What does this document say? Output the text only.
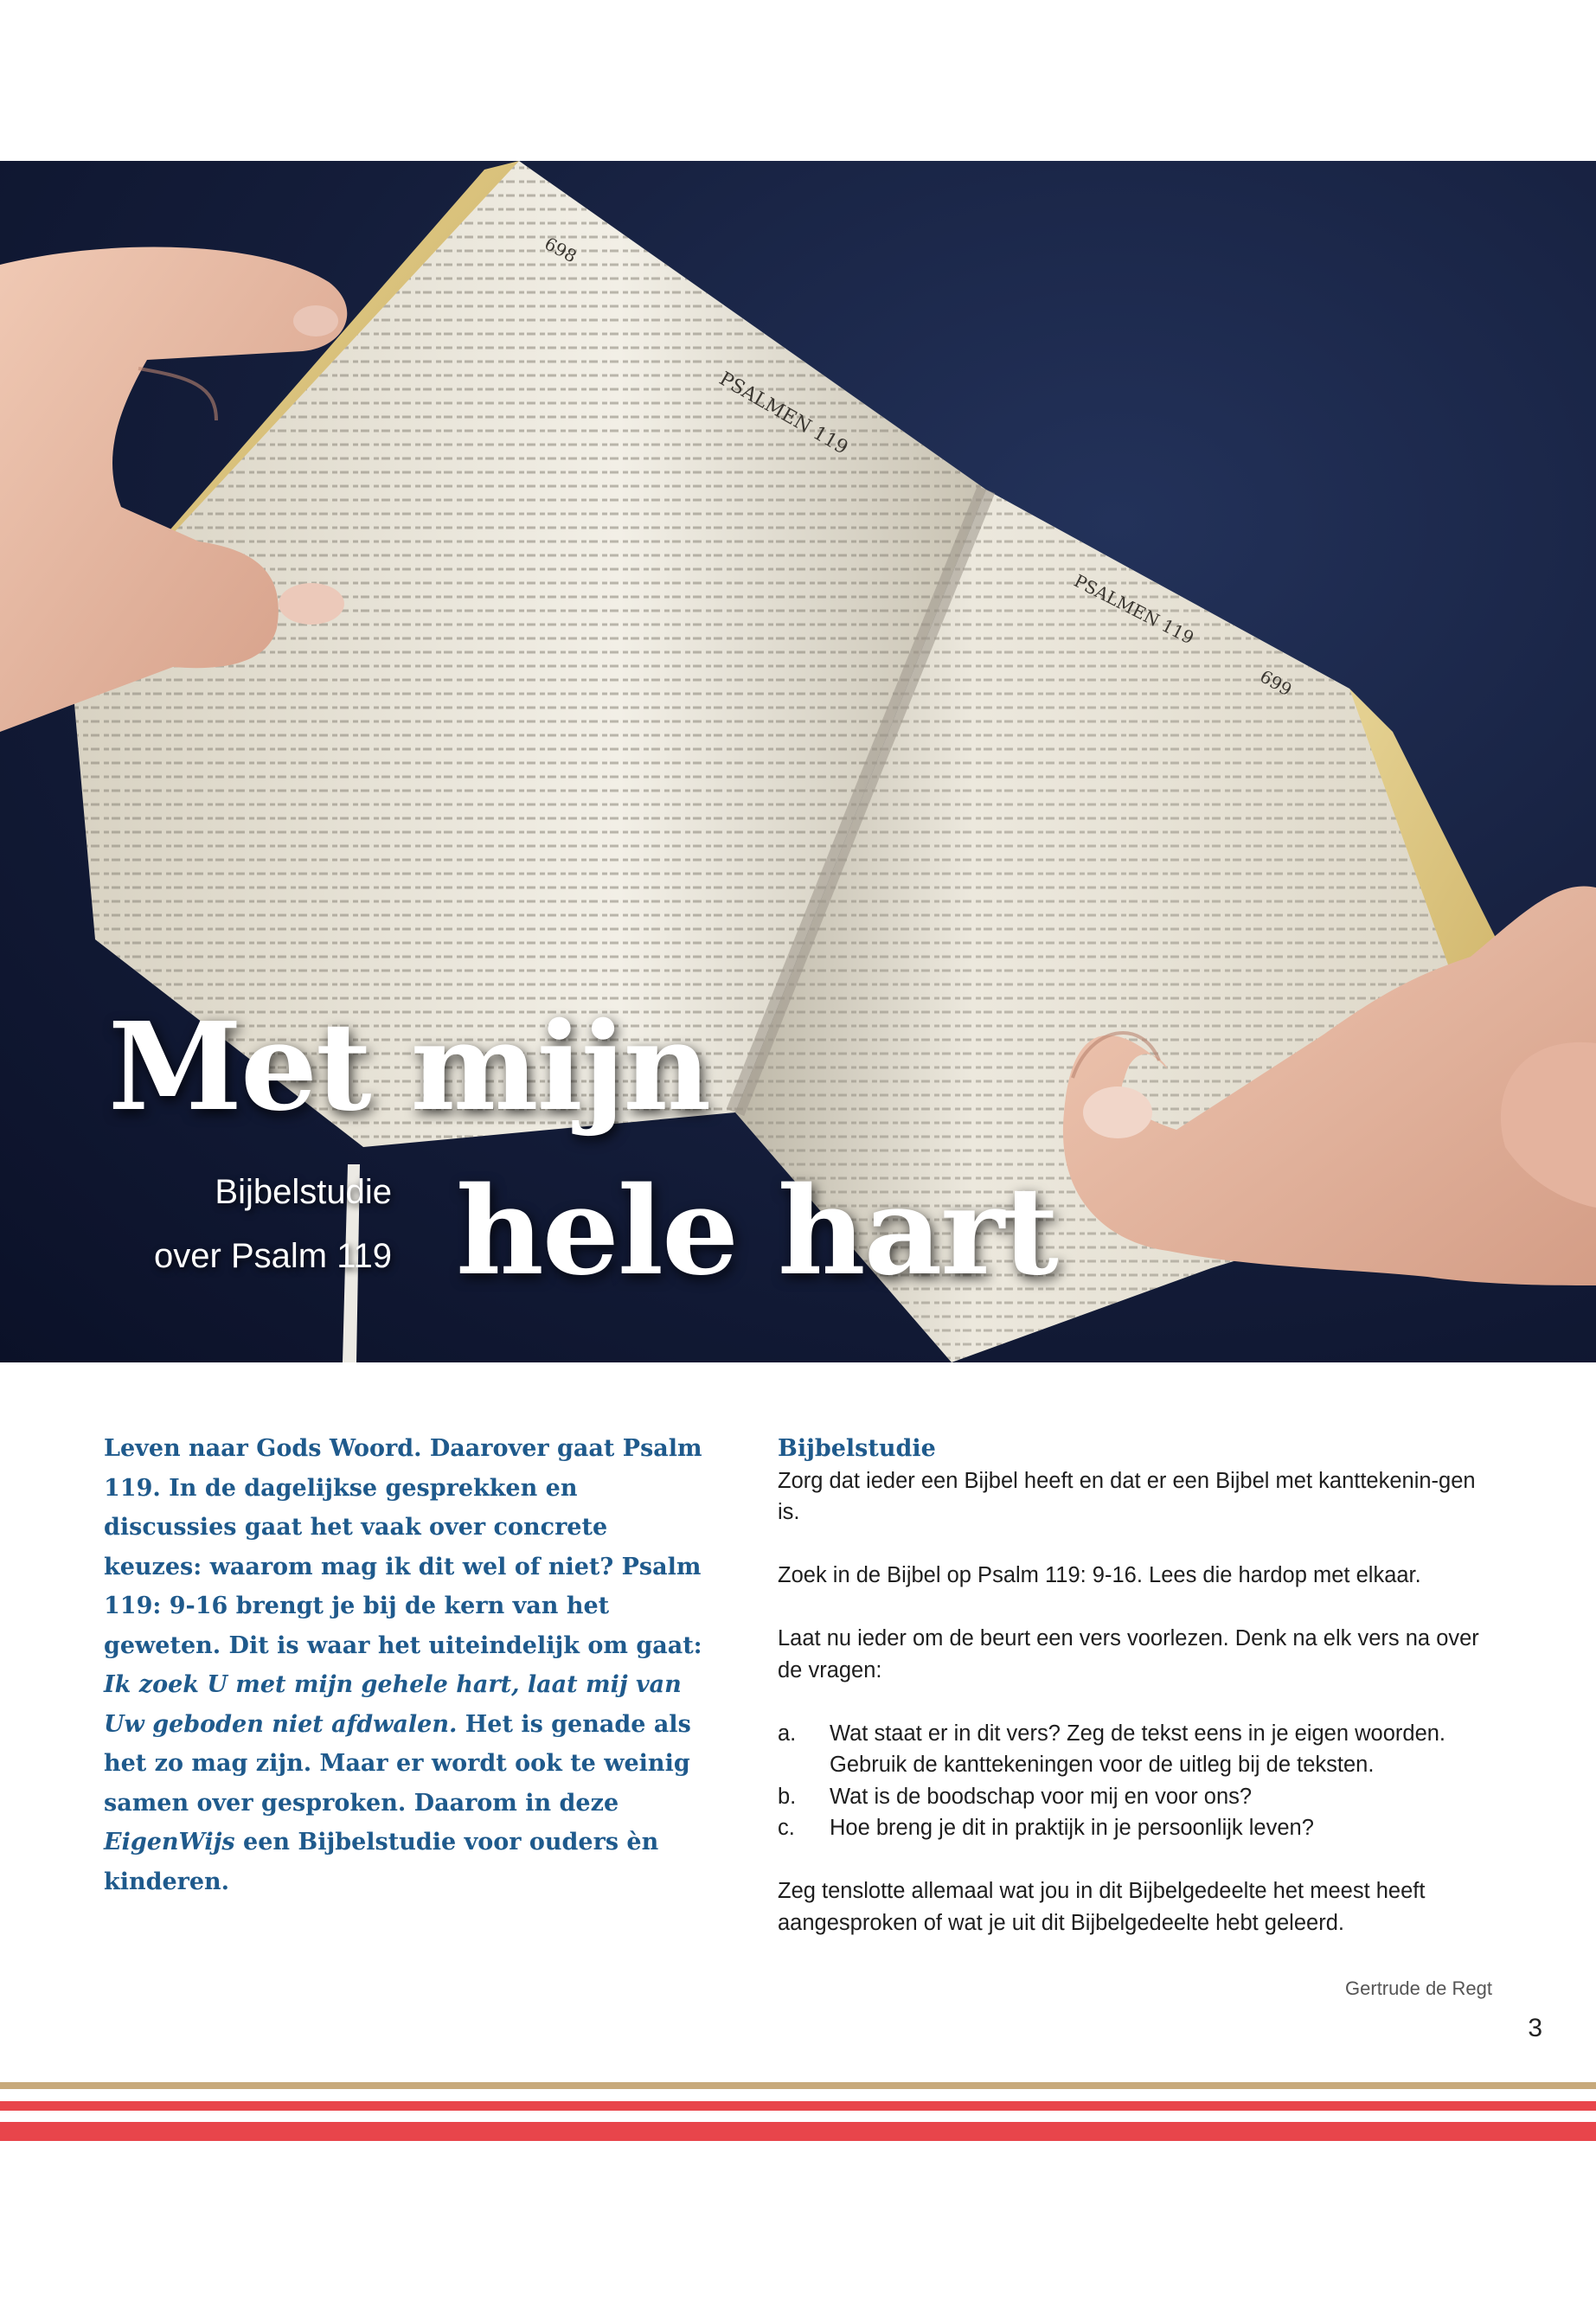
PSALMEN 119
698
PSALMEN 119
699
Met mijn
hele hart

Bijbelstudie
over Psalm 119

Leven naar Gods Woord. Daarover gaat Psalm 119. In de dagelijkse gesprekken en discussies gaat het vaak over concrete keuzes: waarom mag ik dit wel of niet? Psalm 119: 9-16 brengt je bij de kern van het geweten. Dit is waar het uiteindelijk om gaat: Ik zoek U met mijn gehele hart, laat mij van Uw geboden niet afdwalen. Het is genade als het zo mag zijn. Maar er wordt ook te weinig samen over gesproken. Daarom in deze EigenWijs een Bijbelstudie voor ouders èn kinderen.

Bijbelstudie

Zorg dat ieder een Bijbel heeft en dat er een Bijbel met kanttekenin-gen is.

Zoek in de Bijbel op Psalm 119: 9-16. Lees die hardop met elkaar.

Laat nu ieder om de beurt een vers voorlezen. Denk na elk vers na over de vragen:

a. Wat staat er in dit vers? Zeg de tekst eens in je eigen woorden. Gebruik de kanttekeningen voor de uitleg bij de teksten.
b. Wat is de boodschap voor mij en voor ons?
c. Hoe breng je dit in praktijk in je persoonlijk leven?

Zeg tenslotte allemaal wat jou in dit Bijbelgedeelte het meest heeft aangesproken of wat je uit dit Bijbelgedeelte hebt geleerd.

Gertrude de Regt

3
